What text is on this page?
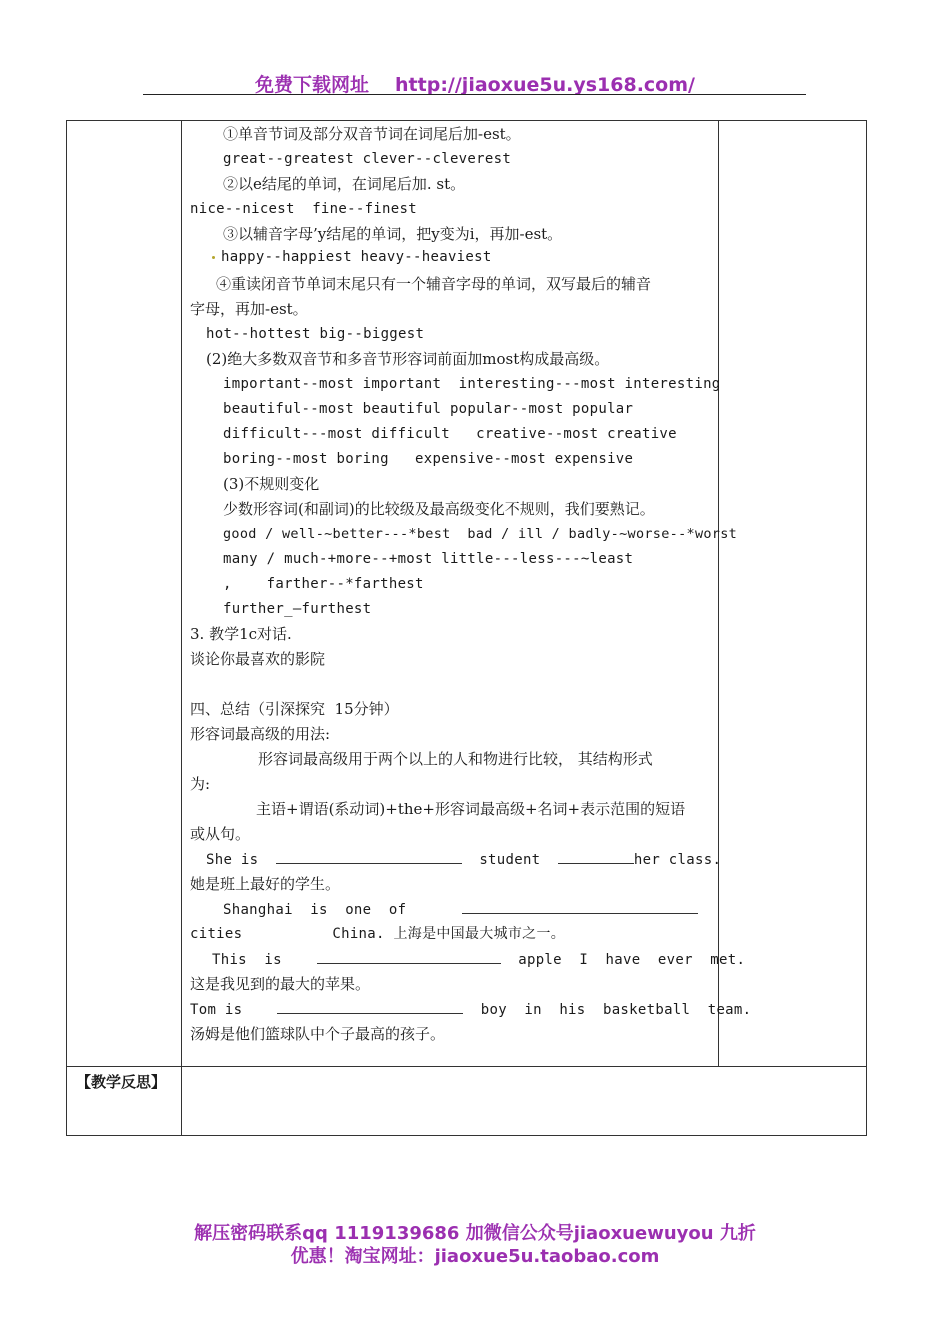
免费下载网址 http://jiaoxue5u.ys168.com/
①单音节词及部分双音节词在词尾后加-est。
great--greatest clever--cleverest
②以e结尾的单词，在词尾后加. st。
nice--nicest  fine--finest
③以辅音字母’y结尾的单词，把y变为i，再加-est。
happy--happiest heavy--heaviest
④重读闭音节单词末尾只有一个辅音字母的单词，双写最后的辅音
字母，再加-est。
hot--hottest big--biggest
(2)绝大多数双音节和多音节形容词前面加most构成最高级。
important--most important  interesting---most interesting
beautiful--most beautiful popular--most popular
difficult---most difficult   creative--most creative
boring--most boring   expensive--most expensive
(3)不规则变化
少数形容词(和副词)的比较级及最高级变化不规则，我们要熟记。
good / well-~better---*best  bad / ill / badly-~worse--*worst
many / much-+more--+most little---less---~least
,    farther--*farthest
further_—furthest
3. 教学1c对话.
谈论你最喜欢的影院
四、总结（引深探究  15分钟）
形容词最高级的用法:
形容词最高级用于两个以上的人和物进行比较， 其结构形式
为:
主语+谓语(系动词)+the+形容词最高级+名词+表示范围的短语
或从句。
She is	student	her class.
她是班上最好的学生。
Shanghai  is  one  of
cities	China. 上海是中国最大城市之一。
This  is	apple  I  have  ever  met.
这是我见到的最大的苹果。
Tom is	boy  in  his  basketball  team.
汤姆是他们篮球队中个子最高的孩子。
【教学反思】
解压密码联系qq 1119139686 加微信公众号jiaoxuewuyou 九折
优惠！淘宝网址：jiaoxue5u.taobao.com
